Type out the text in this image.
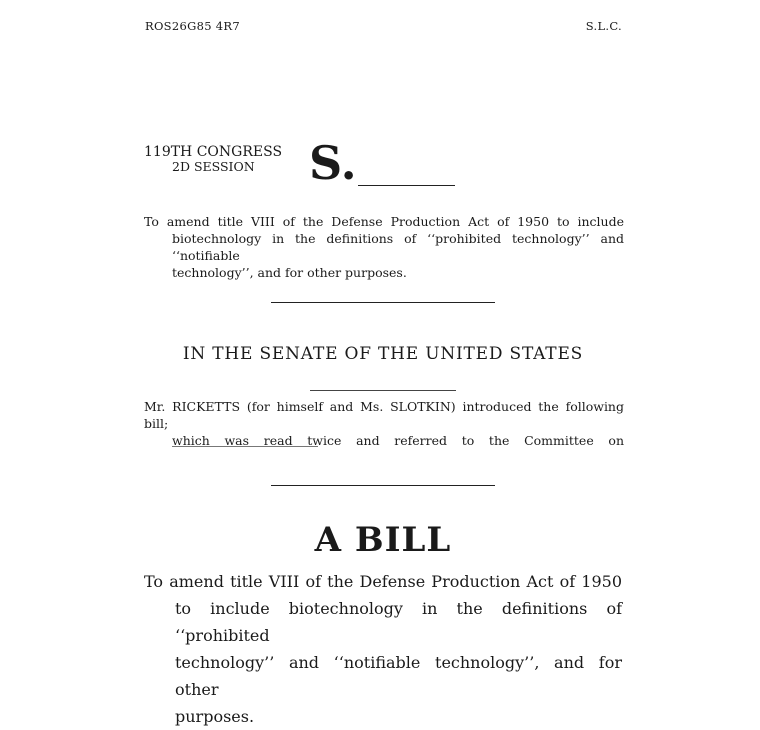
ROS26G85 4R7	S.L.C.
119TH CONGRESS
2D SESSION S.
To amend title VIII of the Defense Production Act of 1950 to include
biotechnology in the definitions of ‘‘prohibited technology’’ and ‘‘notifiable
technology’’, and for other purposes.
IN THE SENATE OF THE UNITED STATES
Mr. RICKETTS (for himself and Ms. SLOTKIN) introduced the following bill;
which was read twice and referred to the Committee on
A BILL
To amend title VIII of the Defense Production Act of 1950
to include biotechnology in the definitions of ‘‘prohibited
technology’’ and ‘‘notifiable technology’’, and for other
purposes.
